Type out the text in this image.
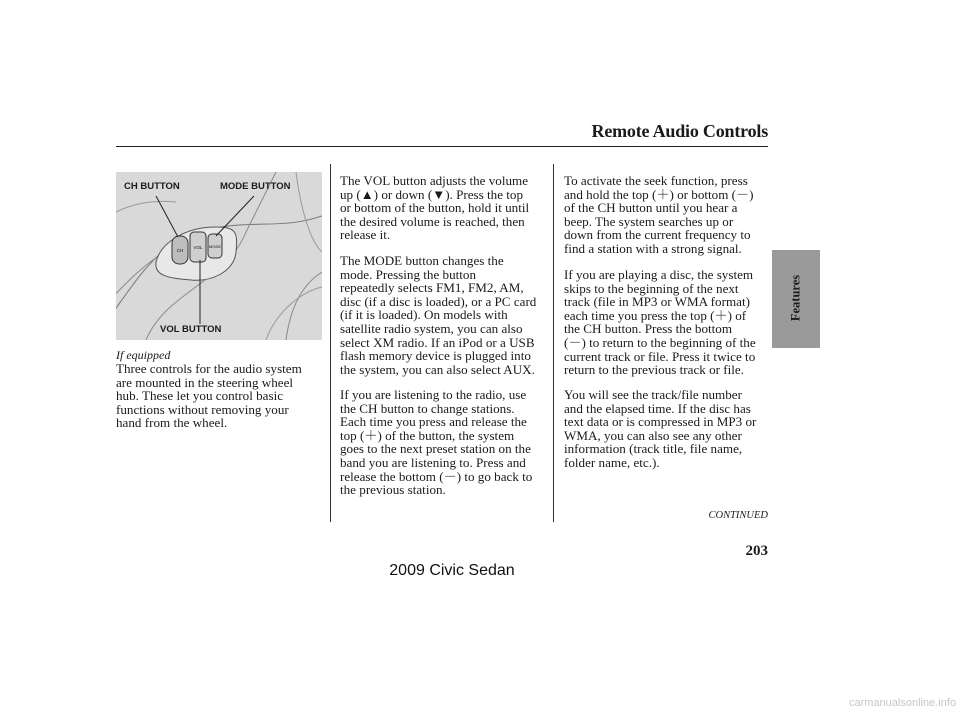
Remote Audio Controls
Features
CH
VOL MODE
CH BUTTON	MODE BUTTON
VOL BUTTON
If equipped
Three controls for the audio system
are mounted in the steering wheel
hub. These let you control basic
functions without removing your
hand from the wheel.
The VOL button adjusts the volume
up (▲) or down (▼). Press the top
or bottom of the button, hold it until
the desired volume is reached, then
release it.
The MODE button changes the
mode. Pressing the button
repeatedly selects FM1, FM2, AM,
disc (if a disc is loaded), or a PC card
(if it is loaded). On models with
satellite radio system, you can also
select XM radio. If an iPod or a USB
flash memory device is plugged into
the system, you can also select AUX.
If you are listening to the radio, use
the CH button to change stations.
Each time you press and release the
top (＋) of the button, the system
goes to the next preset station on the
band you are listening to. Press and
release the bottom (－) to go back to
the previous station.
To activate the seek function, press
and hold the top (＋) or bottom (－)
of the CH button until you hear a
beep. The system searches up or
down from the current frequency to
find a station with a strong signal.
If you are playing a disc, the system
skips to the beginning of the next
track (file in MP3 or WMA format)
each time you press the top (＋) of
the CH button. Press the bottom
(－) to return to the beginning of the
current track or file. Press it twice to
return to the previous track or file.
You will see the track/file number
and the elapsed time. If the disc has
text data or is compressed in MP3 or
WMA, you can also see any other
information (track title, file name,
folder name, etc.).
CONTINUED
203
2009 Civic Sedan
carmanualsonline.info
